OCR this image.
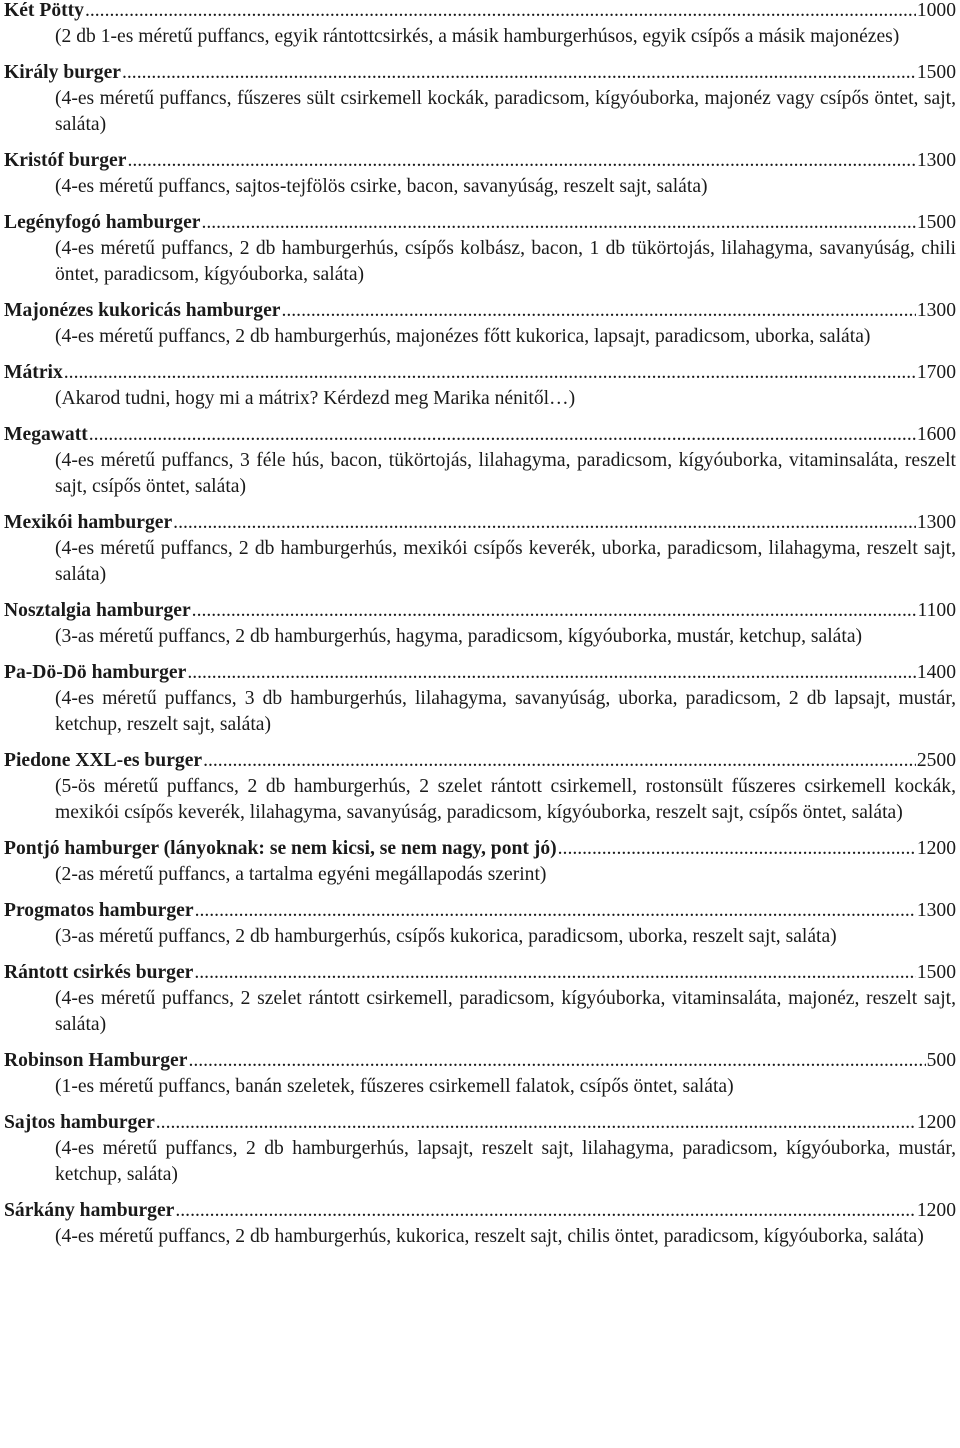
Két Pötty .....	1000
(2 db 1-es méretű puffancs, egyik rántottcsirkés, a másik hamburgerhúsos, egyik csípős a másik majonézes)
Király burger .....	1500
(4-es méretű puffancs, fűszeres sült csirkemell kockák, paradicsom, kígyóuborka, majonéz vagy csípős öntet, sajt, saláta)
Kristóf burger .....	1300
(4-es méretű puffancs, sajtos-tejfölös csirke, bacon, savanyúság, reszelt sajt, saláta)
Legényfogó hamburger .....	1500
(4-es méretű puffancs, 2 db hamburgerhús, csípős kolbász, bacon, 1 db tükörtojás, lilahagyma, savanyúság, chili öntet, paradicsom, kígyóuborka, saláta)
Majonézes kukoricás hamburger .....	1300
(4-es méretű puffancs, 2 db hamburgerhús, majonézes főtt kukorica, lapsajt, paradicsom, uborka, saláta)
Mátrix .....	1700
(Akarod tudni, hogy mi a mátrix? Kérdezd meg Marika nénitől…)
Megawatt .....	1600
(4-es méretű puffancs, 3 féle hús, bacon, tükörtojás, lilahagyma, paradicsom, kígyóuborka, vitaminsaláta, reszelt sajt, csípős öntet, saláta)
Mexikói hamburger .....	1300
(4-es méretű puffancs, 2 db hamburgerhús, mexikói csípős keverék, uborka, paradicsom, lilahagyma, reszelt sajt, saláta)
Nosztalgia hamburger .....	1100
(3-as méretű puffancs, 2 db hamburgerhús, hagyma, paradicsom, kígyóuborka, mustár, ketchup, saláta)
Pa-Dö-Dö hamburger .....	1400
(4-es méretű puffancs, 3 db hamburgerhús, lilahagyma, savanyúság, uborka, paradicsom, 2 db lapsajt, mustár, ketchup, reszelt sajt, saláta)
Piedone XXL-es burger .....	2500
(5-ös méretű puffancs, 2 db hamburgerhús, 2 szelet rántott csirkemell, rostonsült fűszeres csirkemell kockák, mexikói csípős keverék, lilahagyma, savanyúság, paradicsom, kígyóuborka, reszelt sajt, csípős öntet, saláta)
Pontjó hamburger (lányoknak: se nem kicsi, se nem nagy, pont jó) .....	1200
(2-as méretű puffancs, a tartalma egyéni megállapodás szerint)
Progmatos hamburger .....	1300
(3-as méretű puffancs, 2 db hamburgerhús, csípős kukorica, paradicsom, uborka, reszelt sajt, saláta)
Rántott csirkés burger .....	1500
(4-es méretű puffancs, 2 szelet rántott csirkemell, paradicsom, kígyóuborka, vitaminsaláta, majonéz, reszelt sajt, saláta)
Robinson Hamburger .....	500
(1-es méretű puffancs, banán szeletek, fűszeres csirkemell falatok, csípős öntet, saláta)
Sajtos hamburger .....	1200
(4-es méretű puffancs, 2 db hamburgerhús, lapsajt, reszelt sajt, lilahagyma, paradicsom, kígyóuborka, mustár, ketchup, saláta)
Sárkány hamburger .....	1200
(4-es méretű puffancs, 2 db hamburgerhús, kukorica, reszelt sajt, chilis öntet, paradicsom, kígyóuborka, saláta)
